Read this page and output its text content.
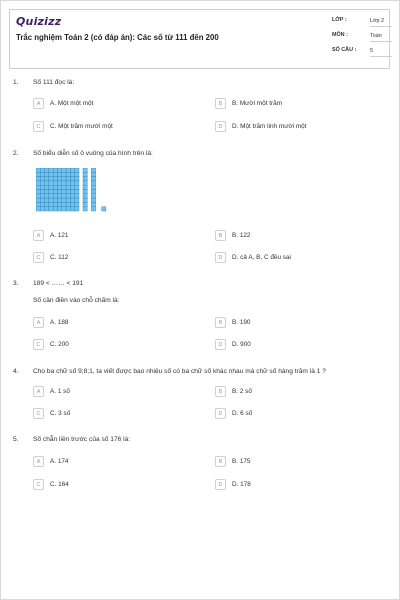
Quizizz
Trắc nghiệm Toán 2 (có đáp án): Các số từ 111 đến 200
LỚP :	Lớp 2
MÔN :	Toán
SỐ CÂU :	5
1. Số 111 đọc là:
A	A. Một một một	B	B. Mười một trăm
C	C. Một trăm mười một	D	D. Một trăm linh mười một
2. Số biểu diễn số ô vuông của hình trên là:
A	A. 121	B	B. 122
C	C. 112	D	D. cả A, B, C đều sai
3. 189 < …… < 191
Số cần điền vào chỗ chấm là:
A	A. 188	B	B. 190
C	C. 200	D	D. 900
4. Cho ba chữ số 9;8;1, ta viết được bao nhiêu số có ba chữ số khác nhau mà chữ số hàng trăm là 1 ?
A	A. 1 số	B	B. 2 số
C	C. 3 số	D	D. 6 số
5. Số chẵn liền trước của số 176 là:
A	A. 174	B	B. 175
C	C. 164	D	D. 178
